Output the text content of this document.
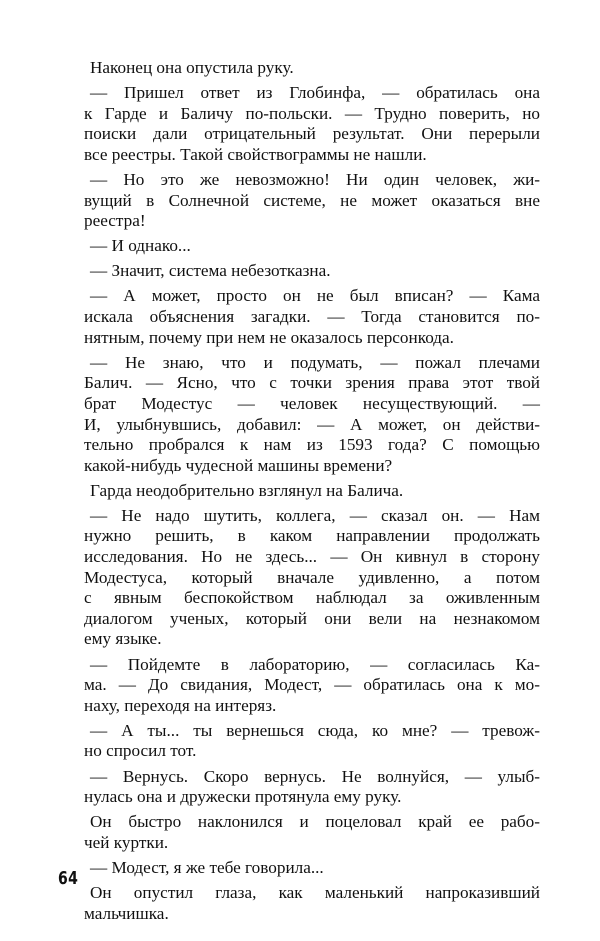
Наконец она опустила руку.
— Пришел ответ из Глобинфа, — обратилась она
к Гарде и Баличу по-польски. — Трудно поверить, но
поиски дали отрицательный результат. Они перерыли
все реестры. Такой свойствограммы не нашли.
— Но это же невозможно! Ни один человек, жи-
вущий в Солнечной системе, не может оказаться вне
реестра!
— И однако...
— Значит, система небезотказна.
— А может, просто он не был вписан? — Кама
искала объяснения загадки. — Тогда становится по-
нятным, почему при нем не оказалось персонкода.
— Не знаю, что и подумать, — пожал плечами
Балич. — Ясно, что с точки зрения права этот твой
брат Модестус — человек несуществующий. —
И, улыбнувшись, добавил: — А может, он действи-
тельно пробрался к нам из 1593 года? С помощью
какой-нибудь чудесной машины времени?
Гарда неодобрительно взглянул на Балича.
— Не надо шутить, коллега, — сказал он. — Нам
нужно решить, в каком направлении продолжать
исследования. Но не здесь... — Он кивнул в сторону
Модестуса, который вначале удивленно, а потом
с явным беспокойством наблюдал за оживленным
диалогом ученых, который они вели на незнакомом
ему языке.
— Пойдемте в лабораторию, — согласилась Ка-
ма. — До свидания, Модест, — обратилась она к мо-
наху, переходя на интеряз.
— А ты... ты вернешься сюда, ко мне? — тревож-
но спросил тот.
— Вернусь. Скоро вернусь. Не волнуйся, — улыб-
нулась она и дружески протянула ему руку.
Он быстро наклонился и поцеловал край ее рабо-
чей куртки.
— Модест, я же тебе говорила...
Он опустил глаза, как маленький напроказивший
мальчишка.
64
